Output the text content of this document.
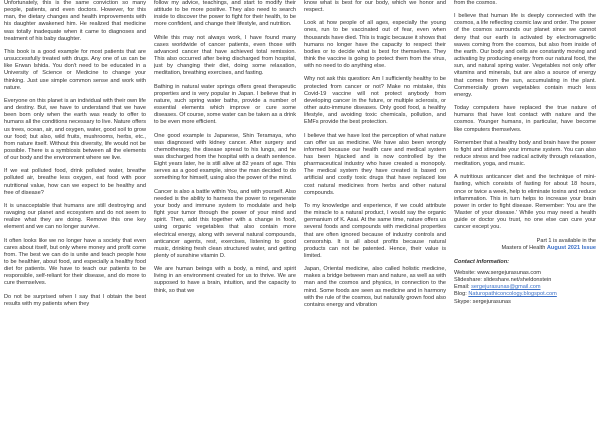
Unfortunately, this is the same conviction so many people, patients, and even doctors. However, for this man, the dietary changes and health improvements with his daughter awakened him. He realized that medicine was totally inadequate when it came to diagnoses and treatment of his baby daughter.

This book is a good example for most patients that are unsuccessfully treated with drugs. Any one of us can be like Erwan Ishida. You don't need to be educated in a University of Science or Medicine to change your thinking. Just use simple common sense and work with nature.

Everyone on this planet is an individual with their own life and destiny. But, we have to understand that we have been born only when the earth was ready to offer to humans all the conditions necessary to live. Nature offers us trees, ocean, air, and oxygen, water, good soil to grow our food; but also, wild fruits, mushrooms, herbs, etc., from nature itself. Without this diversity, life would not be possible. There is a symbiosis between all the elements of our body and the environment where we live.

If we eat polluted food, drink polluted water, breathe polluted air, breathe less oxygen, eat food with poor nutritional value, how can we expect to be healthy and free of disease?

It is unacceptable that humans are still destroying and ravaging our planet and ecosystem and do not seem to realize what they are doing. Remove this one key element and we can no longer survive.

It often looks like we no longer have a society that even cares about itself, but only where money and profit come from. The best we can do is unite and teach people how to be healthier, about food, and especially a healthy food diet for patients. We have to teach our patients to be responsible, self-reliant for their disease, and do more to cure themselves.

Do not be surprised when I say that I obtain the best results with my patients when they

follow my advice, teachings, and start to modify their attitude to be more positive. They also need to search inside to discover the power to fight for their health, to be more confident, and change their lifestyle, and nutrition.

While this may not always work, I have found many cases worldwide of cancer patients, even those with advanced cancer that have achieved total remission. This also occurred after being discharged from hospital, just by changing their diet, doing some relaxation, meditation, breathing exercises, and fasting.

Bathing in natural water springs offers great therapeutic properties and is very popular in Japan. I believe that in nature, such spring water baths, provide a number of essential elements which improve or cure some diseases. Of course, some water can be taken as a drink to be even more efficient.

One good example is Japanese, Shin Teramaya, who was diagnosed with kidney cancer. After surgery and chemotherapy, the disease spread to his lungs, and he was discharged from the hospital with a death sentence. Eight years later, he is still alive at 82 years of age. This serves as a good example, since the man decided to do something for himself, using also the power of the mind.

Cancer is also a battle within You, and with yourself. Also needed is the ability to harness the power to regenerate your body and immune system to modulate and help fight your tumor through the power of your mind and spirit. Then, add this together with a change in food, using organic vegetables that also contain more electrical energy, along with several natural compounds, anticancer agents, rest, exercises, listening to good music, drinking fresh clean structured water, and getting plenty of sunshine vitamin D.

We are human beings with a body, a mind, and spirit living in an environment created for us to thrive. We are supposed to have a brain, intuition, and the capacity to think, so that we

know what is best for our body, which we honor and respect.

Look at how people of all ages, especially the young ones, run to be vaccinated out of fear, even when thousands have died. This is tragic because it shows that humans no longer have the capacity to respect their bodies or to decide what is best for themselves. They think the vaccine is going to protect them from the virus, with no need to do anything else.

Why not ask this question: Am I sufficiently healthy to be protected from cancer or not? Make no mistake, this Covid-19 vaccine will not protect anybody from developing cancer in the future, or multiple sclerosis, or other auto-immune diseases. Only good food, a healthy lifestyle, and avoiding toxic chemicals, pollution, and EMFs provide the best protection.

I believe that we have lost the perception of what nature can offer us as medicine. We have also been wrongly informed because our health care and medical system has been hijacked and is now controlled by the pharmaceutical industry who have created a monopoly. The medical system they have created is based on artificial and costly toxic drugs that have replaced low cost natural medicines from herbs and other natural compounds.

To my knowledge and experience, if we could attribute the miracle to a natural product, I would say the organic germanium of K. Asai. At the same time, nature offers us several foods and compounds with medicinal properties that are often ignored because of industry controls and censorship. It is all about profits because natural products can not be patented. Hence, their value is limited.

Japan, Oriental medicine, also called holistic medicine, makes a bridge between man and nature, as well as with man and the cosmos and physics, in connection to the mind. Some foods are seen as medicine and in harmony with the rule of the cosmos, but naturally grown food also contains energy and vibration

from the cosmos.

I believe that human life is deeply connected with the cosmos, a life reflecting cosmic law and order. The power of the cosmos surrounds our planet since we cannot deny that our earth is activated by electromagnetic waves coming from the cosmos, but also from inside of the earth. Our body and cells are constantly moving and activating by producing energy from our natural food, the sun, and natural spring water. Vegetables not only offer vitamins and minerals, but are also a source of energy that comes from the sun, accumulating in the plant. Commercially grown vegetables contain much less energy.

Today computers have replaced the true nature of humans that have lost contact with nature and the cosmos. Younger humans, in particular, have become like computers themselves.

Remember that a healthy body and brain have the power to fight and stimulate your immune system. You can also reduce stress and free radical activity through relaxation, meditation, yoga, and music.

A nutritious anticancer diet and the technique of mini-fasting, which consists of fasting for about 18 hours, once or twice a week, help to eliminate toxins and reduce inflammation. This in turn helps to increase your brain power in order to fight disease. Remember: You are the 'Master of your disease.' While you may need a health guide or doctor you trust, no one else can cure your cancer except you.

Part 1 is available in the

Masters of Health August 2021 Issue

Contact information:
Website: www.sergejurasunas.com
Slideshare: slideshare.net/sheldonstein
Email: sergejurasunas@gmail.com
Blog: Naturopathiconcology.blogspot.com
Skype: sergejurasunas
